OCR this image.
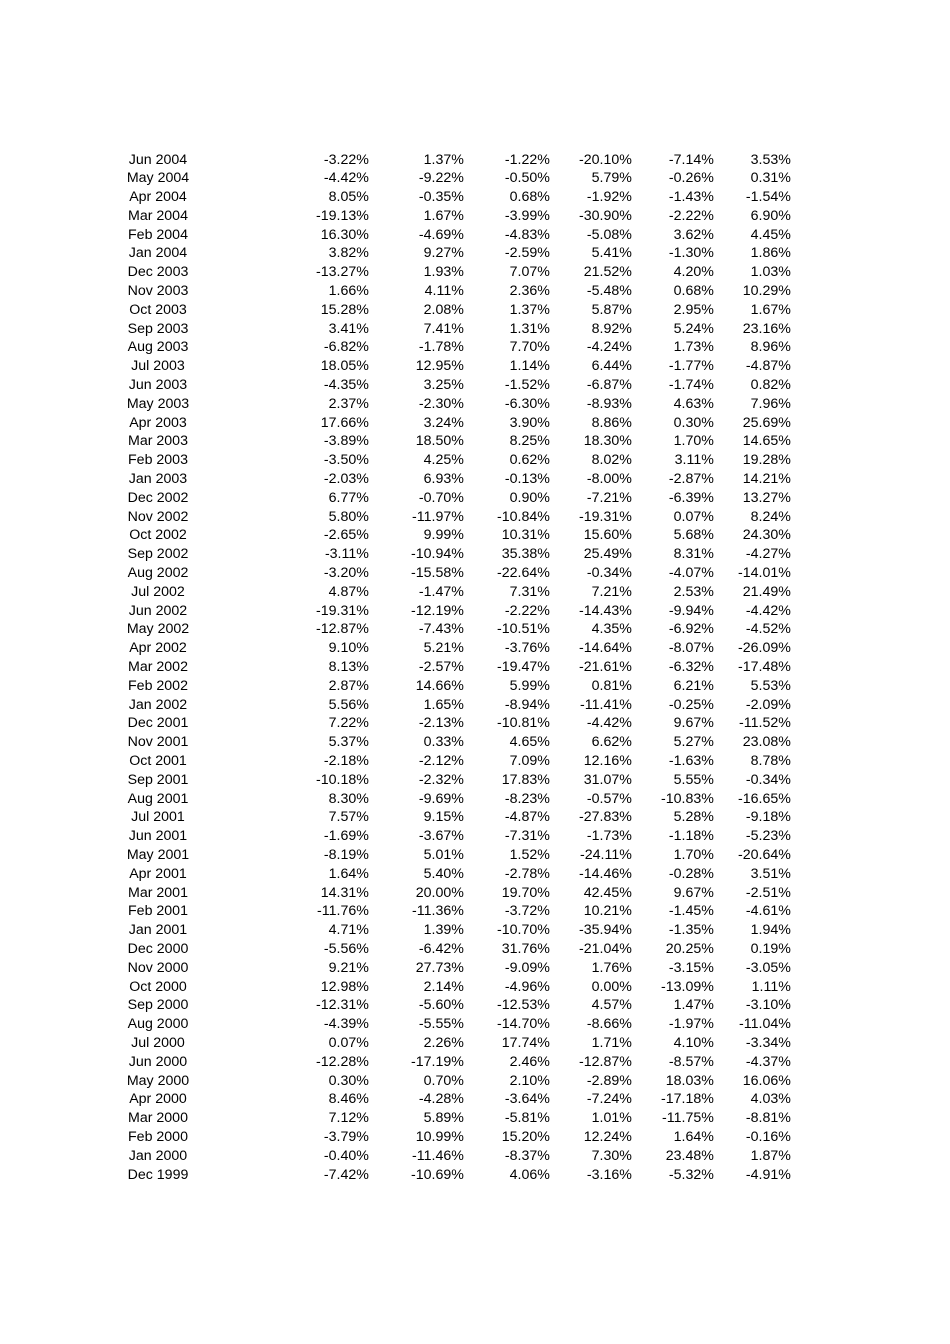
Jun 2004	-3.22%	1.37%	-1.22%	-20.10%	-7.14%	3.53%
May 2004	-4.42%	-9.22%	-0.50%	5.79%	-0.26%	0.31%
Apr 2004	8.05%	-0.35%	0.68%	-1.92%	-1.43%	-1.54%
Mar 2004	-19.13%	1.67%	-3.99%	-30.90%	-2.22%	6.90%
Feb 2004	16.30%	-4.69%	-4.83%	-5.08%	3.62%	4.45%
Jan 2004	3.82%	9.27%	-2.59%	5.41%	-1.30%	1.86%
Dec 2003	-13.27%	1.93%	7.07%	21.52%	4.20%	1.03%
Nov 2003	1.66%	4.11%	2.36%	-5.48%	0.68%	10.29%
Oct 2003	15.28%	2.08%	1.37%	5.87%	2.95%	1.67%
Sep 2003	3.41%	7.41%	1.31%	8.92%	5.24%	23.16%
Aug 2003	-6.82%	-1.78%	7.70%	-4.24%	1.73%	8.96%
Jul 2003	18.05%	12.95%	1.14%	6.44%	-1.77%	-4.87%
Jun 2003	-4.35%	3.25%	-1.52%	-6.87%	-1.74%	0.82%
May 2003	2.37%	-2.30%	-6.30%	-8.93%	4.63%	7.96%
Apr 2003	17.66%	3.24%	3.90%	8.86%	0.30%	25.69%
Mar 2003	-3.89%	18.50%	8.25%	18.30%	1.70%	14.65%
Feb 2003	-3.50%	4.25%	0.62%	8.02%	3.11%	19.28%
Jan 2003	-2.03%	6.93%	-0.13%	-8.00%	-2.87%	14.21%
Dec 2002	6.77%	-0.70%	0.90%	-7.21%	-6.39%	13.27%
Nov 2002	5.80%	-11.97%	-10.84%	-19.31%	0.07%	8.24%
Oct 2002	-2.65%	9.99%	10.31%	15.60%	5.68%	24.30%
Sep 2002	-3.11%	-10.94%	35.38%	25.49%	8.31%	-4.27%
Aug 2002	-3.20%	-15.58%	-22.64%	-0.34%	-4.07%	-14.01%
Jul 2002	4.87%	-1.47%	7.31%	7.21%	2.53%	21.49%
Jun 2002	-19.31%	-12.19%	-2.22%	-14.43%	-9.94%	-4.42%
May 2002	-12.87%	-7.43%	-10.51%	4.35%	-6.92%	-4.52%
Apr 2002	9.10%	5.21%	-3.76%	-14.64%	-8.07%	-26.09%
Mar 2002	8.13%	-2.57%	-19.47%	-21.61%	-6.32%	-17.48%
Feb 2002	2.87%	14.66%	5.99%	0.81%	6.21%	5.53%
Jan 2002	5.56%	1.65%	-8.94%	-11.41%	-0.25%	-2.09%
Dec 2001	7.22%	-2.13%	-10.81%	-4.42%	9.67%	-11.52%
Nov 2001	5.37%	0.33%	4.65%	6.62%	5.27%	23.08%
Oct 2001	-2.18%	-2.12%	7.09%	12.16%	-1.63%	8.78%
Sep 2001	-10.18%	-2.32%	17.83%	31.07%	5.55%	-0.34%
Aug 2001	8.30%	-9.69%	-8.23%	-0.57%	-10.83%	-16.65%
Jul 2001	7.57%	9.15%	-4.87%	-27.83%	5.28%	-9.18%
Jun 2001	-1.69%	-3.67%	-7.31%	-1.73%	-1.18%	-5.23%
May 2001	-8.19%	5.01%	1.52%	-24.11%	1.70%	-20.64%
Apr 2001	1.64%	5.40%	-2.78%	-14.46%	-0.28%	3.51%
Mar 2001	14.31%	20.00%	19.70%	42.45%	9.67%	-2.51%
Feb 2001	-11.76%	-11.36%	-3.72%	10.21%	-1.45%	-4.61%
Jan 2001	4.71%	1.39%	-10.70%	-35.94%	-1.35%	1.94%
Dec 2000	-5.56%	-6.42%	31.76%	-21.04%	20.25%	0.19%
Nov 2000	9.21%	27.73%	-9.09%	1.76%	-3.15%	-3.05%
Oct 2000	12.98%	2.14%	-4.96%	0.00%	-13.09%	1.11%
Sep 2000	-12.31%	-5.60%	-12.53%	4.57%	1.47%	-3.10%
Aug 2000	-4.39%	-5.55%	-14.70%	-8.66%	-1.97%	-11.04%
Jul 2000	0.07%	2.26%	17.74%	1.71%	4.10%	-3.34%
Jun 2000	-12.28%	-17.19%	2.46%	-12.87%	-8.57%	-4.37%
May 2000	0.30%	0.70%	2.10%	-2.89%	18.03%	16.06%
Apr 2000	8.46%	-4.28%	-3.64%	-7.24%	-17.18%	4.03%
Mar 2000	7.12%	5.89%	-5.81%	1.01%	-11.75%	-8.81%
Feb 2000	-3.79%	10.99%	15.20%	12.24%	1.64%	-0.16%
Jan 2000	-0.40%	-11.46%	-8.37%	7.30%	23.48%	1.87%
Dec 1999	-7.42%	-10.69%	4.06%	-3.16%	-5.32%	-4.91%
